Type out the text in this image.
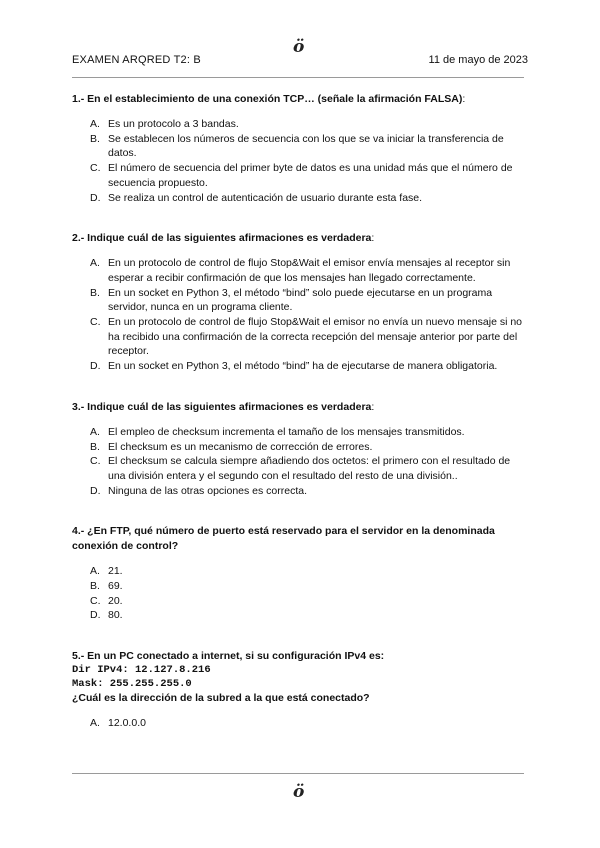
ö
EXAMEN ARQRED T2: B	11 de mayo de 2023
1.- En el establecimiento de una conexión TCP… (señale la afirmación FALSA):
A. Es un protocolo a 3 bandas.
B. Se establecen los números de secuencia con los que se va iniciar la transferencia de datos.
C. El número de secuencia del primer byte de datos es una unidad más que el número de secuencia propuesto.
D. Se realiza un control de autenticación de usuario durante esta fase.
2.- Indique cuál de las siguientes afirmaciones es verdadera:
A. En un protocolo de control de flujo Stop&Wait el emisor envía mensajes al receptor sin esperar a recibir confirmación de que los mensajes han llegado correctamente.
B. En un socket en Python 3, el método “bind” solo puede ejecutarse en un programa servidor, nunca en un programa cliente.
C. En un protocolo de control de flujo Stop&Wait el emisor no envía un nuevo mensaje si no ha recibido una confirmación de la correcta recepción del mensaje anterior por parte del receptor.
D. En un socket en Python 3, el método “bind” ha de ejecutarse de manera obligatoria.
3.- Indique cuál de las siguientes afirmaciones es verdadera:
A. El empleo de checksum incrementa el tamaño de los mensajes transmitidos.
B. El checksum es un mecanismo de corrección de errores.
C. El checksum se calcula siempre añadiendo dos octetos: el primero con el resultado de una división entera y el segundo con el resultado del resto de una división..
D. Ninguna de las otras opciones es correcta.
4.- ¿En FTP, qué número de puerto está reservado para el servidor en la denominada conexión de control?
A. 21.
B. 69.
C. 20.
D. 80.
5.- En un PC conectado a internet, si su configuración IPv4 es:
Dir IPv4: 12.127.8.216
Mask: 255.255.255.0
¿Cuál es la dirección de la subred a la que está conectado?
A. 12.0.0.0
ö
